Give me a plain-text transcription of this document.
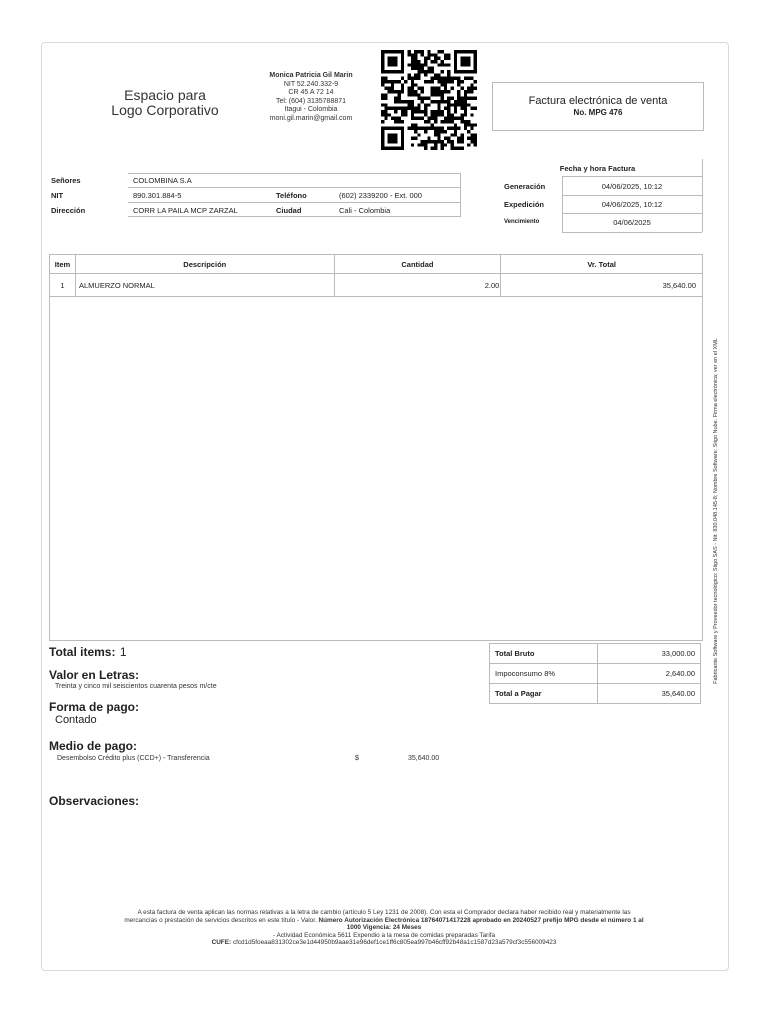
Espacio para
Logo Corporativo
Monica Patricia Gil Marin
NIT 52.240.332-9
CR 45 A 72 14
Tel: (604) 3135788871
Itagui - Colombia
moni.gil.marin@gmail.com
Factura electrónica de venta
No. MPG 476
Señores	COLOMBINA S.A
NIT	890.301.884-5	Teléfono	(602) 2339200 - Ext. 000
Dirección	CORR LA PAILA MCP ZARZAL	Ciudad	Cali - Colombia
Fecha y hora Factura
Generación	04/06/2025, 10:12
Expedición	04/06/2025, 10:12
Vencimiento	04/06/2025
Item	Descripción	Cantidad	Vr. Total
1	ALMUERZO NORMAL	2.00	35,640.00

Total items: 1
Valor en Letras:
Treinta y cinco mil seiscientos cuarenta pesos m/cte
Forma de pago:
Contado
Medio de pago:
Desembolso Crédito plus (CCD+) - Transferencia	$	35,640.00
Observaciones:
Total Bruto	33,000.00
Impoconsumo 8%	2,640.00
Total a Pagar	35,640.00
Fabricante Software y Proveedor tecnológico: Siigo SAS - Nit: 830.048.145-8; Nombre Software: Siigo Nube. Firma electrónica: ver en el XML
A esta factura de venta aplican las normas relativas a la letra de cambio (artículo 5 Ley 1231 de 2008). Con esta el Comprador declara haber recibido real y materialmente las
mercancías o prestación de servicios descritos en este título - Valor. Número Autorización Electrónica 18764071417228 aprobado en 20240527 prefijo MPG desde el número 1 al
1000 Vigencia: 24 Meses
- Actividad Económica 5611 Expendio a la mesa de comidas preparadas Tarifa
CUFE: cfcd1d5foeaa831302ce3e1d44950b9aae31e96def1ce1ff6c805ea997b46cff92b48a1c1587d23a579cf3c556009423
